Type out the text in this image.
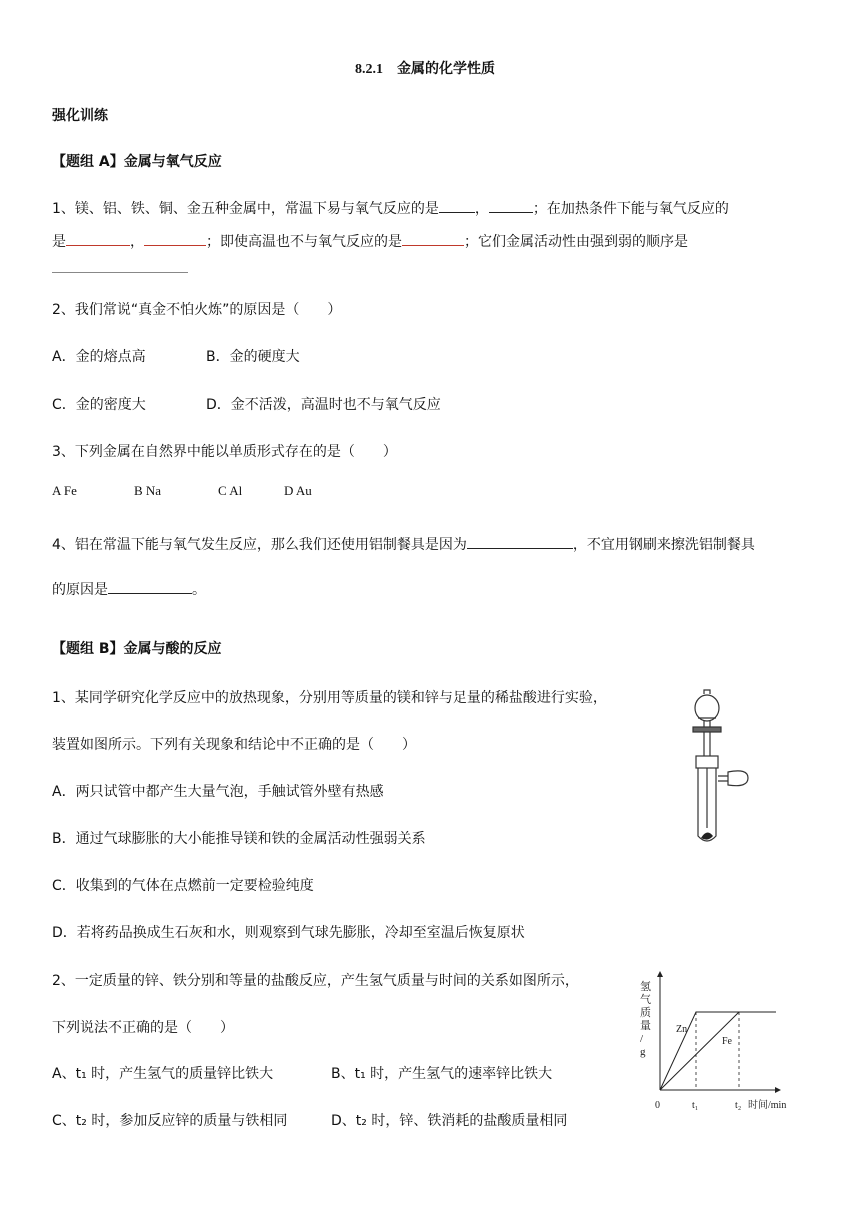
8.2.1　金属的化学性质
强化训练
【题组 A】金属与氧气反应
1、镁、铝、铁、铜、金五种金属中，常温下易与氧气反应的是	，	；在加热条件下能与氧气反应的
是	，	；即使高温也不与氧气反应的是	；它们金属活动性由强到弱的顺序是
2、我们常说“真金不怕火炼”的原因是（　　）
A．金的熔点高	B．金的硬度大
C．金的密度大	D．金不活泼，高温时也不与氧气反应
3、下列金属在自然界中能以单质形式存在的是（　　）
A Fe	B Na	C Al	D Au
4、铝在常温下能与氧气发生反应，那么我们还使用铝制餐具是因为	，不宜用钢刷来擦洗铝制餐具
的原因是	。
【题组 B】金属与酸的反应
1、某同学研究化学反应中的放热现象，分别用等质量的镁和锌与足量的稀盐酸进行实验，
装置如图所示。下列有关现象和结论中不正确的是（　　）
A．两只试管中都产生大量气泡，手触试管外壁有热感
B．通过气球膨胀的大小能推导镁和铁的金属活动性强弱关系
C．收集到的气体在点燃前一定要检验纯度
D．若将药品换成生石灰和水，则观察到气球先膨胀，冷却至室温后恢复原状
2、一定质量的锌、铁分别和等量的盐酸反应，产生氢气质量与时间的关系如图所示，
下列说法不正确的是（　　）
A、t₁ 时，产生氢气的质量锌比铁大	B、t₁ 时，产生氢气的速率锌比铁大
C、t₂ 时，参加反应锌的质量与铁相同	D、t₂ 时，锌、铁消耗的盐酸质量相同
氢气质量/ g
Zn
Fe
0	t₁	t₂ 时间/min
